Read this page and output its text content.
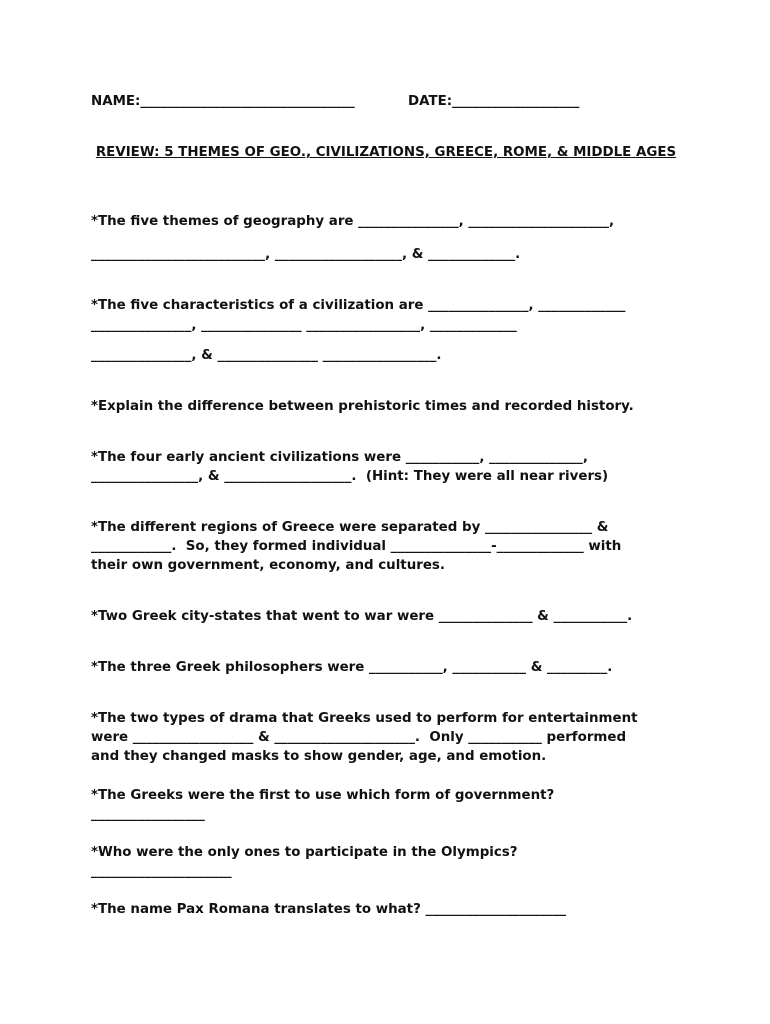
NAME:________________________________	DATE:___________________
REVIEW: 5 THEMES OF GEO., CIVILIZATIONS, GREECE, ROME, & MIDDLE AGES
*The five themes of geography are _______________, _____________________,
__________________________, ___________________, & _____________.
*The five characteristics of a civilization are _______________, _____________
_______________, _______________ _________________, _____________
_______________, & _______________ _________________.
*Explain the difference between prehistoric times and recorded history.
*The four early ancient civilizations were ___________, ______________,
________________, & ___________________.  (Hint: They were all near rivers)
*The different regions of Greece were separated by ________________ &
____________.  So, they formed individual _______________-_____________ with
their own government, economy, and cultures.
*Two Greek city-states that went to war were ______________ & ___________.
*The three Greek philosophers were ___________, ___________ & _________.
*The two types of drama that Greeks used to perform for entertainment
were __________________ & _____________________.  Only ___________ performed
and they changed masks to show gender, age, and emotion.
*The Greeks were the first to use which form of government?
_________________
*Who were the only ones to participate in the Olympics?
_____________________
*The name Pax Romana translates to what? _____________________
